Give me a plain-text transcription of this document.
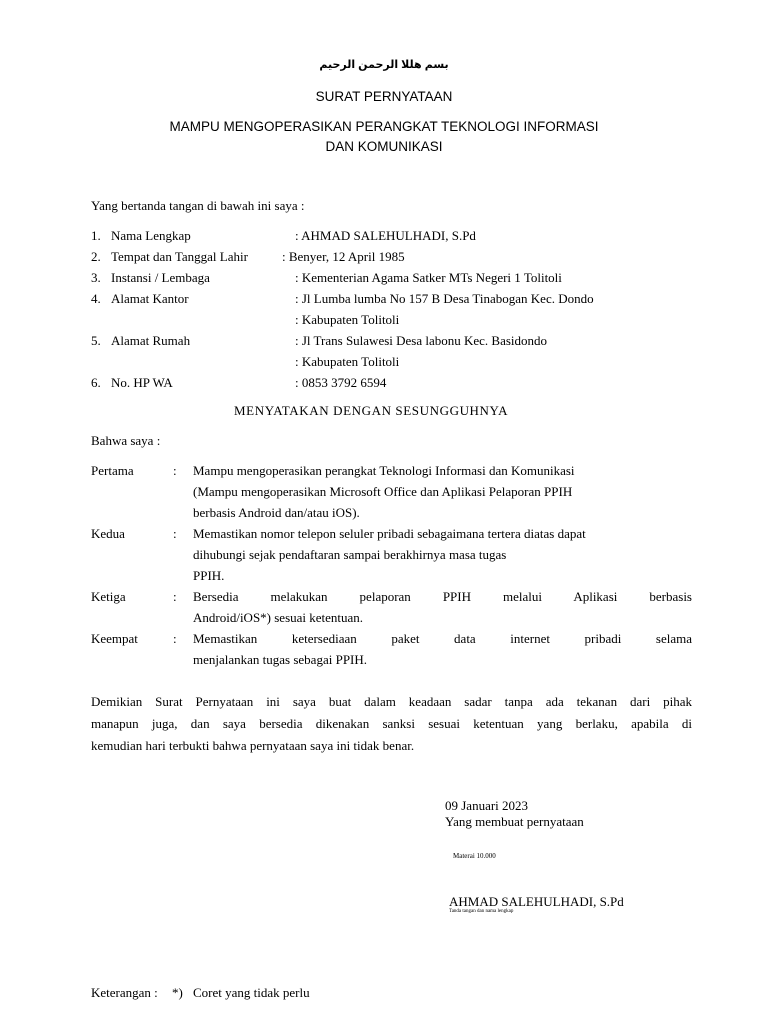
بسم هللا الرحمن الرحيم
SURAT PERNYATAAN
MAMPU MENGOPERASIKAN PERANGKAT TEKNOLOGI INFORMASI
DAN KOMUNIKASI
Yang bertanda tangan di bawah ini saya :
1. Nama Lengkap	: AHMAD SALEHULHADI, S.Pd
2. Tempat dan Tanggal Lahir	: Benyer, 12 April 1985
3. Instansi / Lembaga	: Kementerian Agama Satker MTs Negeri 1 Tolitoli
4. Alamat Kantor	: Jl Lumba lumba No 157 B Desa Tinabogan Kec. Dondo
: Kabupaten Tolitoli
5. Alamat Rumah	: Jl Trans Sulawesi Desa labonu Kec. Basidondo
: Kabupaten Tolitoli
6. No. HP WA	: 0853 3792 6594
MENYATAKAN DENGAN SESUNGGUHNYA
Bahwa saya :
Pertama	: Mampu mengoperasikan perangkat Teknologi Informasi dan Komunikasi
(Mampu mengoperasikan Microsoft Office dan Aplikasi Pelaporan PPIH
berbasis Android dan/atau iOS).
Kedua	: Memastikan nomor telepon seluler pribadi sebagaimana tertera diatas dapat
dihubungi sejak pendaftaran sampai berakhirnya masa tugas
PPIH.
Ketiga	: Bersedia melakukan pelaporan PPIH melalui Aplikasi berbasis
Android/iOS*) sesuai ketentuan.
Keempat	: Memastikan ketersediaan paket data internet pribadi selama
menjalankan tugas sebagai PPIH.
Demikian Surat Pernyataan ini saya buat dalam keadaan sadar tanpa ada tekanan dari pihak
manapun juga, dan saya bersedia dikenakan sanksi sesuai ketentuan yang berlaku, apabila di
kemudian hari terbukti bahwa pernyataan saya ini tidak benar.
09 Januari 2023
Yang membuat pernyataan
Materai 10.000
AHMAD SALEHULHADI, S.Pd
Tanda tangan dan nama lengkap
Keterangan : *) Coret yang tidak perlu
